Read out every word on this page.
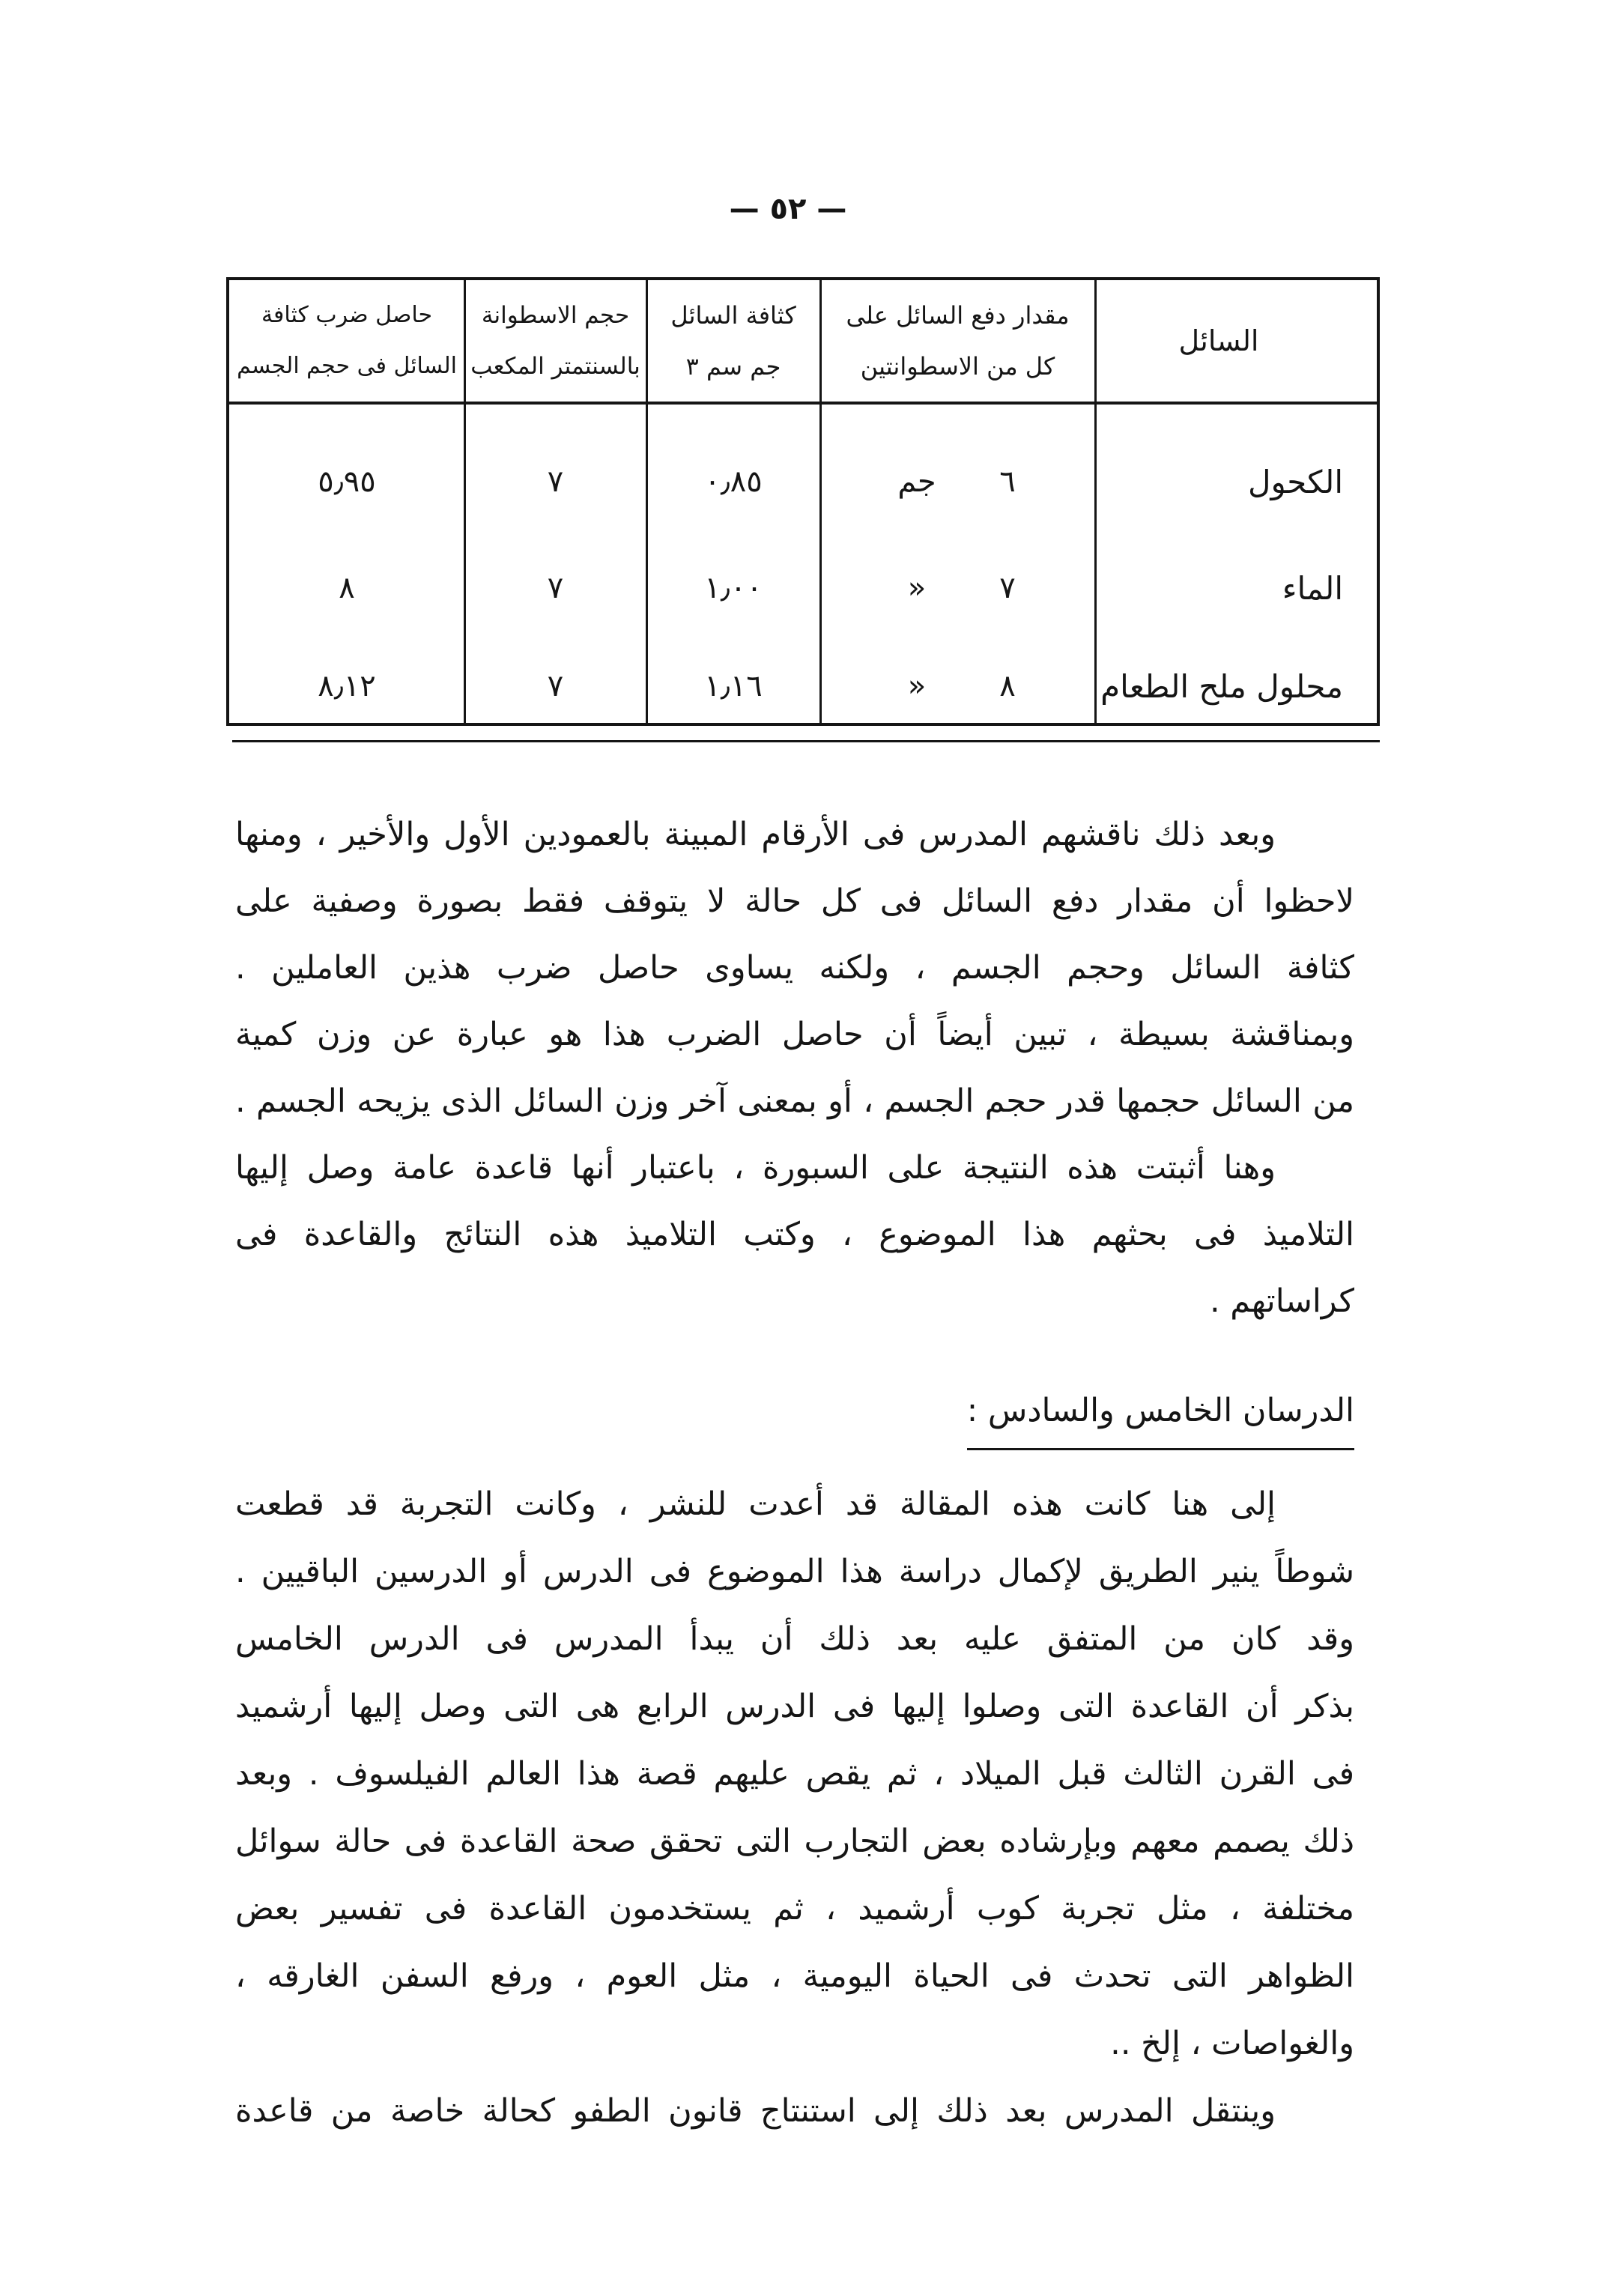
— ٥٢ —
السائل
مقدار دفع السائل على
كل من الاسطوانتين
كثافة السائل
جم سم ٣
حجم الاسطوانة
بالسنتمتر المكعب
حاصل ضرب كثافة
السائل فى حجم الجسم
الكحول
٦
جم
٠٫٨٥
٧
٥٫٩٥
الماء
٧
»
١٫٠٠
٧
٨
محلول ملح الطعام
٨
»
١٫١٦
٧
٨٫١٢
وبعد ذلك ناقشهم المدرس فى الأرقام المبينة بالعمودين الأول والأخير ، ومنها
لاحظوا أن مقدار دفع السائل فى كل حالة لا يتوقف فقط بصورة وصفية على
كثافة السائل وحجم الجسم ، ولكنه يساوى حاصل ضرب هذين العاملين .
وبمناقشة بسيطة ، تبين أيضاً أن حاصل الضرب هذا هو عبارة عن وزن كمية
من السائل حجمها قدر حجم الجسم ، أو بمعنى آخر وزن السائل الذى يزيحه الجسم .
وهنا أثبتت هذه النتيجة على السبورة ، باعتبار أنها قاعدة عامة وصل إليها
التلاميذ فى بحثهم هذا الموضوع ، وكتب التلاميذ هذه النتائج والقاعدة فى
كراساتهم .
الدرسان الخامس والسادس :
إلى هنا كانت هذه المقالة قد أعدت للنشر ، وكانت التجربة قد قطعت
شوطاً ينير الطريق لإكمال دراسة هذا الموضوع فى الدرس أو الدرسين الباقيين .
وقد كان من المتفق عليه بعد ذلك أن يبدأ المدرس فى الدرس الخامس
بذكر أن القاعدة التى وصلوا إليها فى الدرس الرابع هى التى وصل إليها أرشميد
فى القرن الثالث قبل الميلاد ، ثم يقص عليهم قصة هذا العالم الفيلسوف . وبعد
ذلك يصمم معهم وبإرشاده بعض التجارب التى تحقق صحة القاعدة فى حالة سوائل
مختلفة ، مثل تجربة كوب أرشميد ، ثم يستخدمون القاعدة فى تفسير بعض
الظواهر التى تحدث فى الحياة اليومية ، مثل العوم ، ورفع السفن الغارقه ،
والغواصات ، إلخ ..
وينتقل المدرس بعد ذلك إلى استنتاج قانون الطفو كحالة خاصة من قاعدة
